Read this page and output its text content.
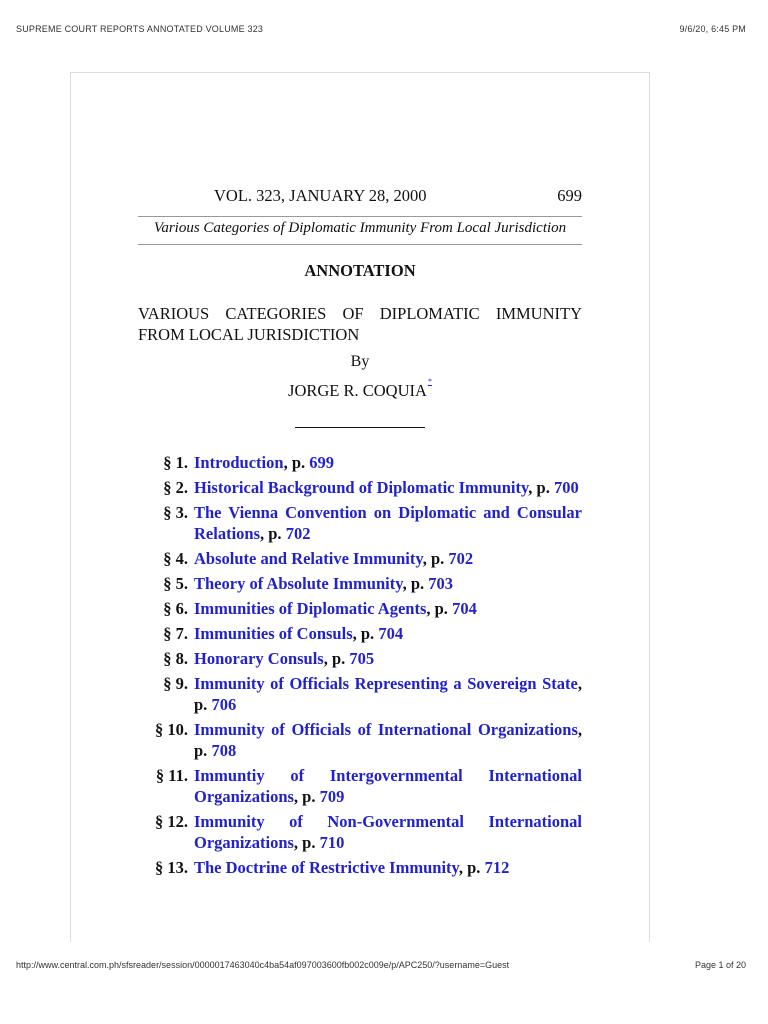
SUPREME COURT REPORTS ANNOTATED VOLUME 323	9/6/20, 6:45 PM
VOL. 323, JANUARY 28, 2000	699
Various Categories of Diplomatic Immunity From Local Jurisdiction
ANNOTATION
VARIOUS CATEGORIES OF DIPLOMATIC IMMUNITY FROM LOCAL JURISDICTION
By
JORGE R. COQUIA*
§ 1. Introduction, p. 699
§ 2. Historical Background of Diplomatic Immunity, p. 700
§ 3. The Vienna Convention on Diplomatic and Consular Relations, p. 702
§ 4. Absolute and Relative Immunity, p. 702
§ 5. Theory of Absolute Immunity, p. 703
§ 6. Immunities of Diplomatic Agents, p. 704
§ 7. Immunities of Consuls, p. 704
§ 8. Honorary Consuls, p. 705
§ 9. Immunity of Officials Representing a Sovereign State, p. 706
§ 10. Immunity of Officials of International Organizations, p. 708
§ 11. Immuntiy of Intergovernmental International Organizations, p. 709
§ 12. Immunity of Non-Governmental International Organizations, p. 710
§ 13. The Doctrine of Restrictive Immunity, p. 712
http://www.central.com.ph/sfsreader/session/0000017463040c4ba54af097003600fb002c009e/p/APC250/?username=Guest	Page 1 of 20
